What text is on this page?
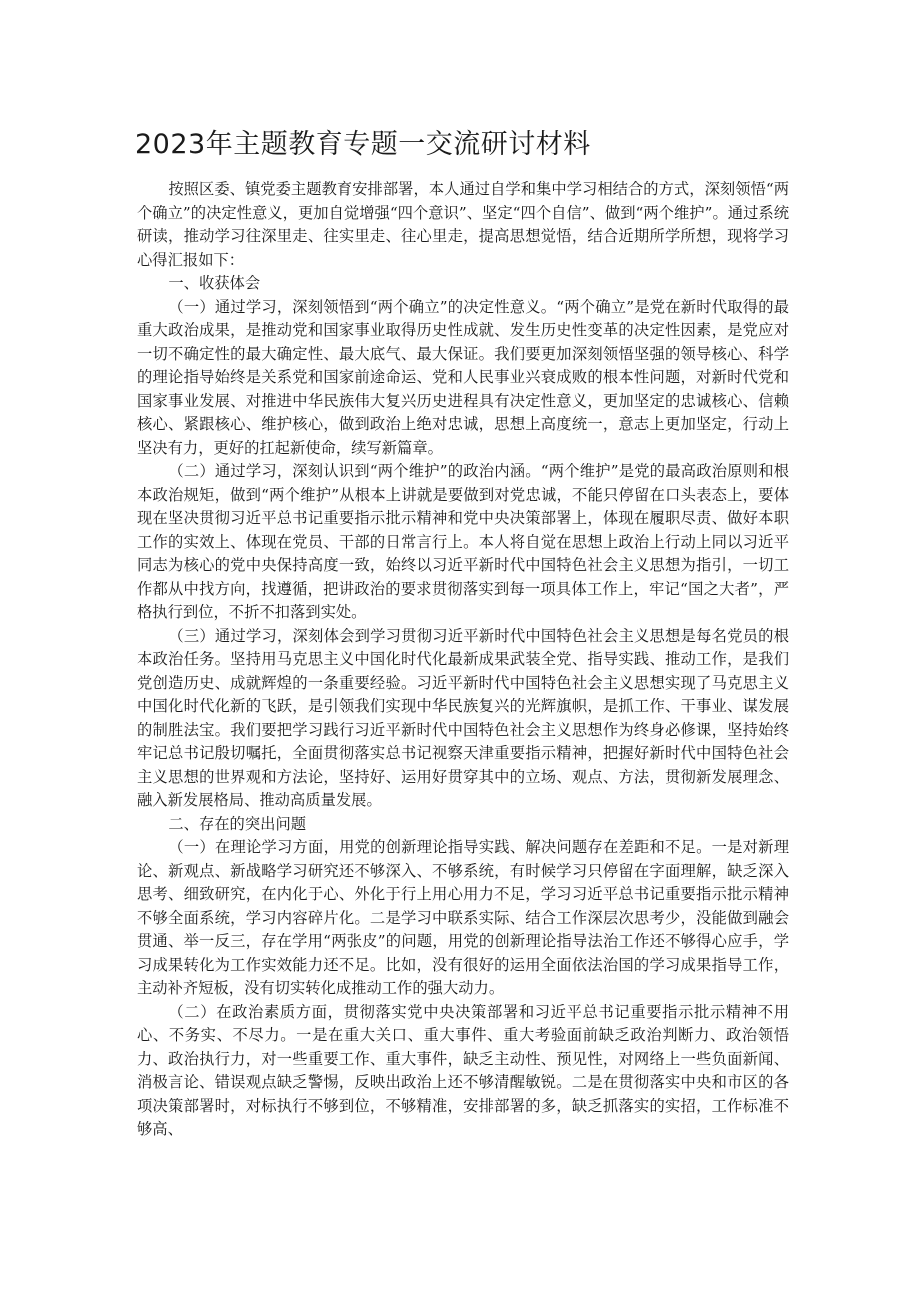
2023年主题教育专题一交流研讨材料

按照区委、镇党委主题教育安排部署，本人通过自学和集中学习相结合的方式，深刻领悟“两个确立”的决定性意义，更加自觉增强“四个意识”、坚定“四个自信”、做到“两个维护”。通过系统研读，推动学习往深里走、往实里走、往心里走，提高思想觉悟，结合近期所学所想，现将学习心得汇报如下：

一、收获体会

（一）通过学习，深刻领悟到“两个确立”的决定性意义。“两个确立”是党在新时代取得的最重大政治成果，是推动党和国家事业取得历史性成就、发生历史性变革的决定性因素，是党应对一切不确定性的最大确定性、最大底气、最大保证。我们要更加深刻领悟坚强的领导核心、科学的理论指导始终是关系党和国家前途命运、党和人民事业兴衰成败的根本性问题，对新时代党和国家事业发展、对推进中华民族伟大复兴历史进程具有决定性意义，更加坚定的忠诚核心、信赖核心、紧跟核心、维护核心，做到政治上绝对忠诚，思想上高度统一，意志上更加坚定，行动上坚决有力，更好的扛起新使命，续写新篇章。

（二）通过学习，深刻认识到“两个维护”的政治内涵。“两个维护”是党的最高政治原则和根本政治规矩，做到“两个维护”从根本上讲就是要做到对党忠诚，不能只停留在口头表态上，要体现在坚决贯彻习近平总书记重要指示批示精神和党中央决策部署上，体现在履职尽责、做好本职工作的实效上、体现在党员、干部的日常言行上。本人将自觉在思想上政治上行动上同以习近平同志为核心的党中央保持高度一致，始终以习近平新时代中国特色社会主义思想为指引，一切工作都从中找方向，找遵循，把讲政治的要求贯彻落实到每一项具体工作上，牢记“国之大者”，严格执行到位，不折不扣落到实处。

（三）通过学习，深刻体会到学习贯彻习近平新时代中国特色社会主义思想是每名党员的根本政治任务。坚持用马克思主义中国化时代化最新成果武装全党、指导实践、推动工作，是我们党创造历史、成就辉煌的一条重要经验。习近平新时代中国特色社会主义思想实现了马克思主义中国化时代化新的飞跃，是引领我们实现中华民族复兴的光辉旗帜，是抓工作、干事业、谋发展的制胜法宝。我们要把学习践行习近平新时代中国特色社会主义思想作为终身必修课，坚持始终牢记总书记殷切嘱托，全面贯彻落实总书记视察天津重要指示精神，把握好新时代中国特色社会主义思想的世界观和方法论，坚持好、运用好贯穿其中的立场、观点、方法，贯彻新发展理念、融入新发展格局、推动高质量发展。

二、存在的突出问题

（一）在理论学习方面，用党的创新理论指导实践、解决问题存在差距和不足。一是对新理论、新观点、新战略学习研究还不够深入、不够系统，有时候学习只停留在字面理解，缺乏深入思考、细致研究，在内化于心、外化于行上用心用力不足，学习习近平总书记重要指示批示精神不够全面系统，学习内容碎片化。二是学习中联系实际、结合工作深层次思考少，没能做到融会贯通、举一反三，存在学用“两张皮”的问题，用党的创新理论指导法治工作还不够得心应手，学习成果转化为工作实效能力还不足。比如，没有很好的运用全面依法治国的学习成果指导工作，主动补齐短板，没有切实转化成推动工作的强大动力。

（二）在政治素质方面，贯彻落实党中央决策部署和习近平总书记重要指示批示精神不用心、不务实、不尽力。一是在重大关口、重大事件、重大考验面前缺乏政治判断力、政治领悟力、政治执行力，对一些重要工作、重大事件，缺乏主动性、预见性，对网络上一些负面新闻、消极言论、错误观点缺乏警惕，反映出政治上还不够清醒敏锐。二是在贯彻落实中央和市区的各项决策部署时，对标执行不够到位，不够精准，安排部署的多，缺乏抓落实的实招，工作标准不够高、
